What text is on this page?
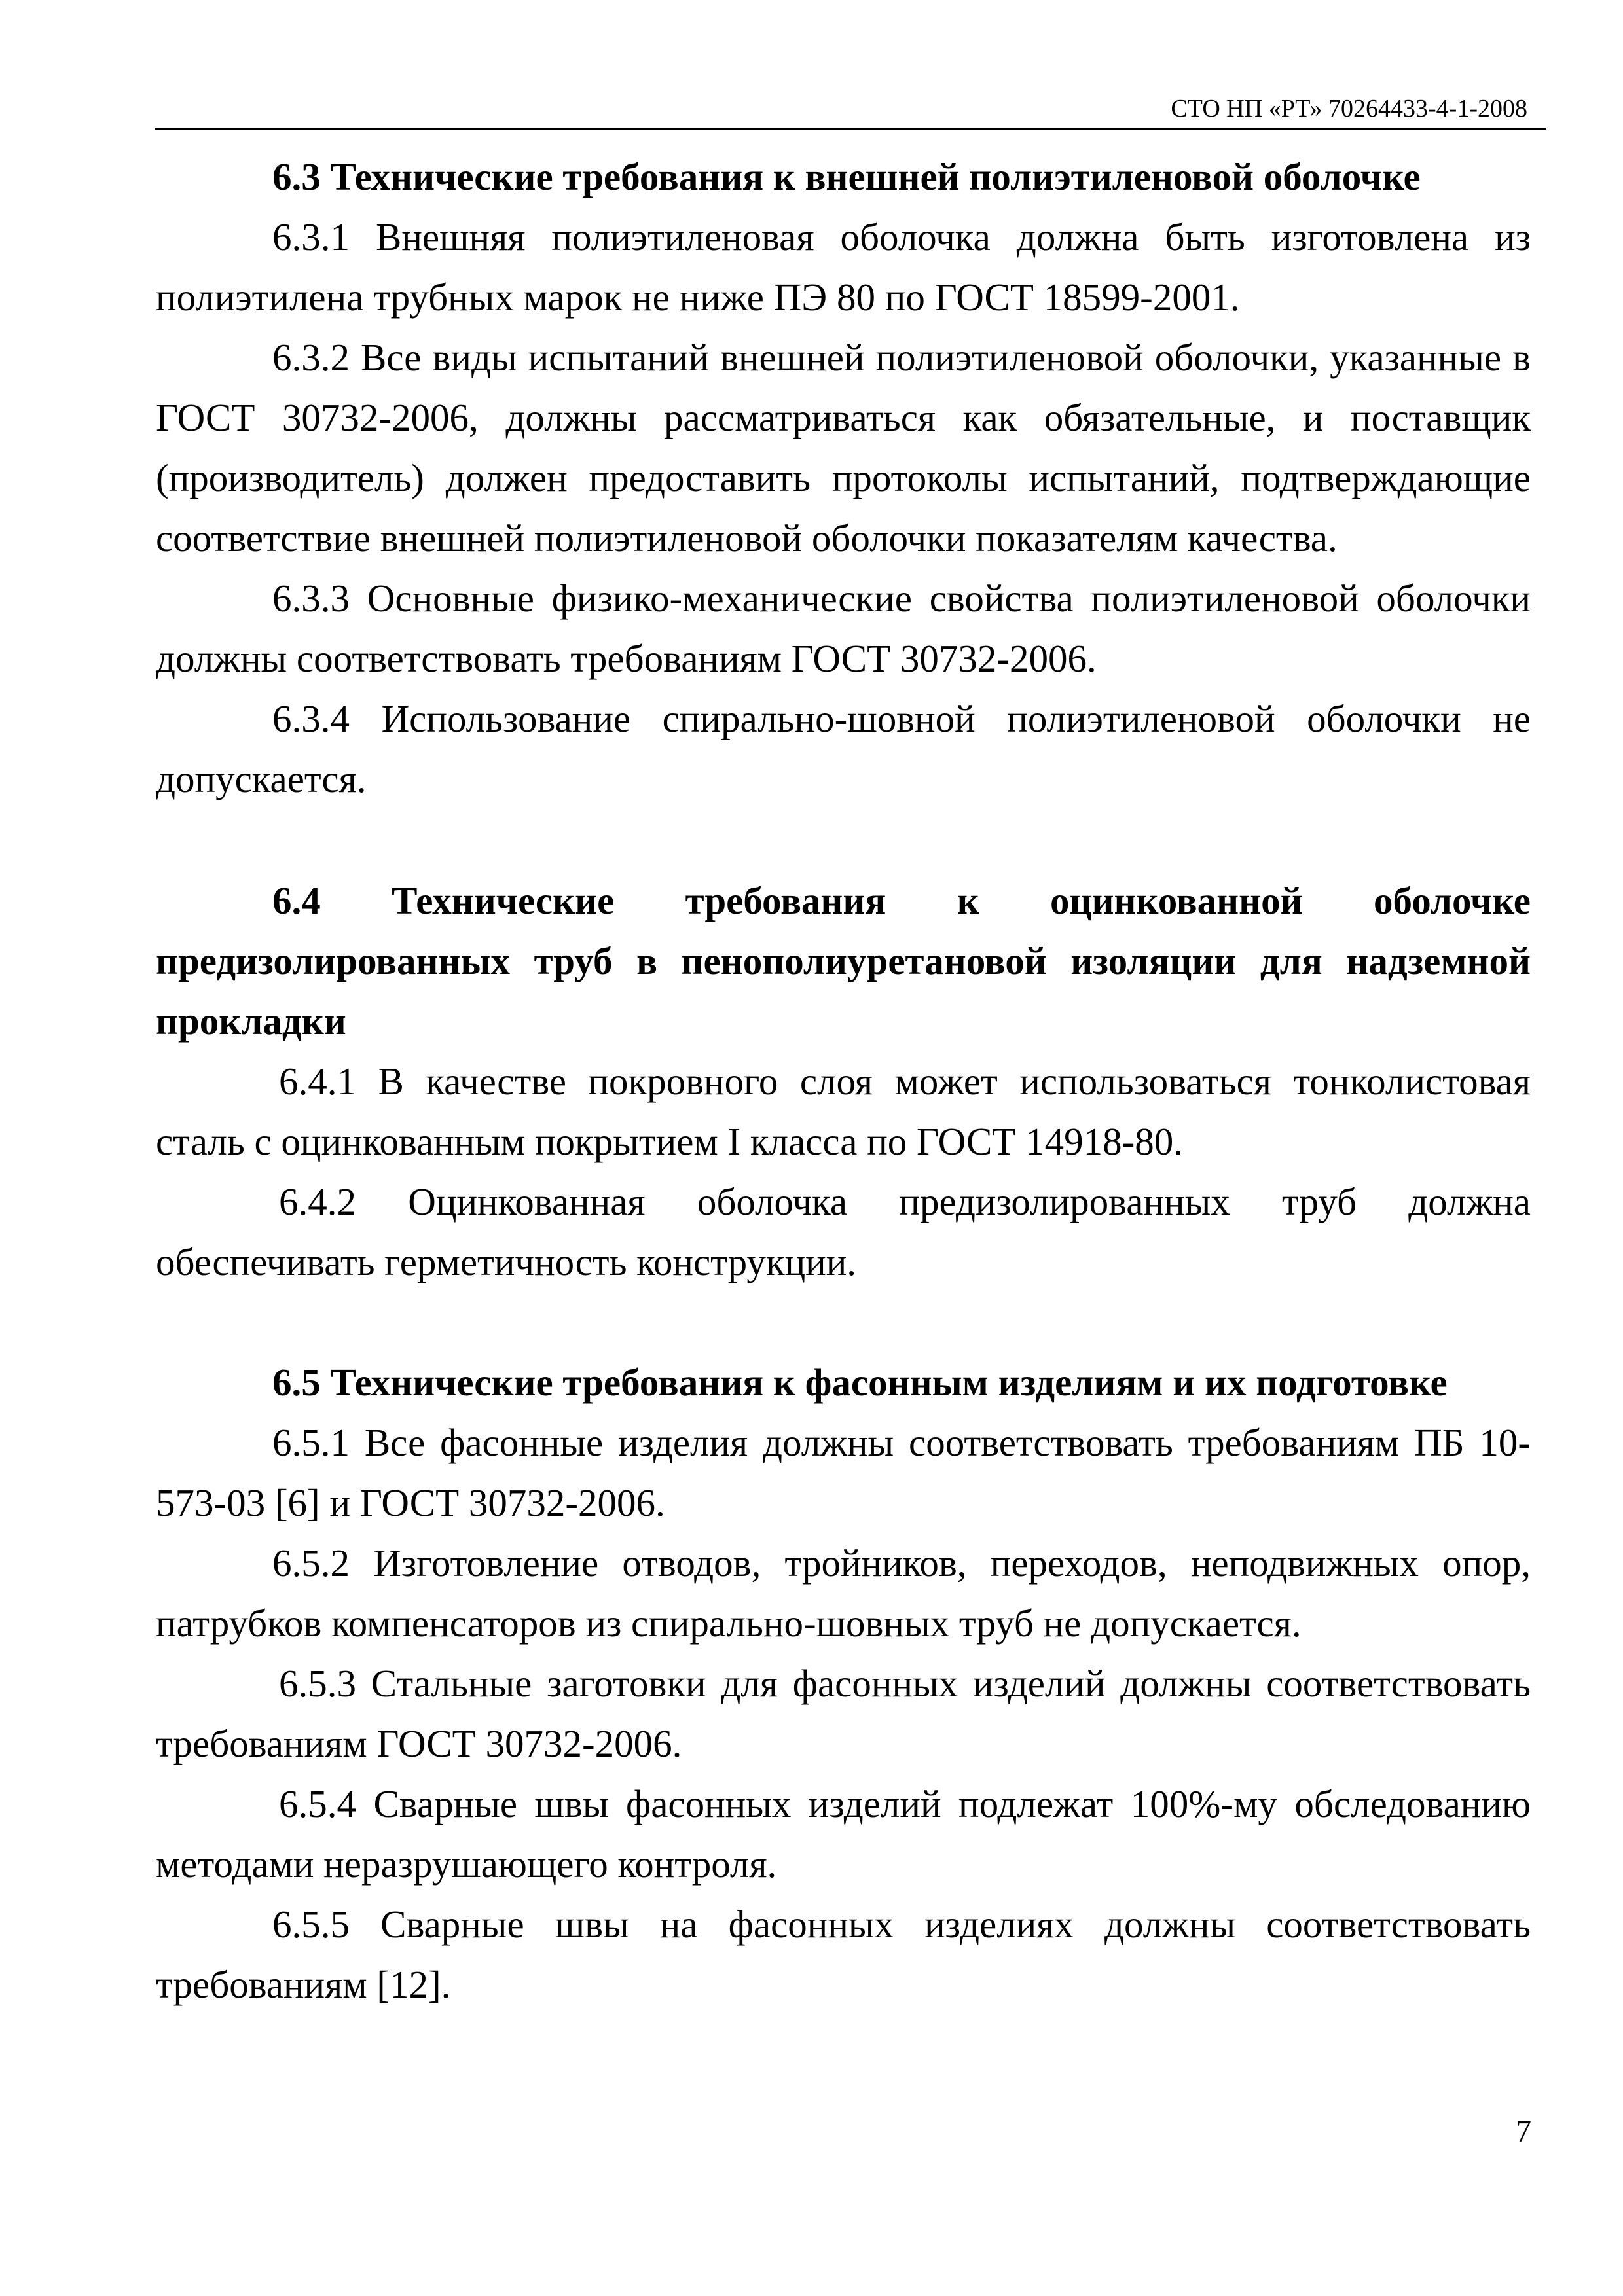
СТО НП «РТ» 70264433-4-1-2008

6.3 Технические требования к внешней полиэтиленовой оболочке

6.3.1 Внешняя полиэтиленовая оболочка должна быть изготовлена из полиэтилена трубных марок не ниже ПЭ 80 по ГОСТ 18599-2001.

6.3.2 Все виды испытаний внешней полиэтиленовой оболочки, указанные в ГОСТ 30732-2006, должны рассматриваться как обязательные, и поставщик (производитель) должен предоставить протоколы испытаний, подтверждающие соответствие внешней полиэтиленовой оболочки показателям качества.

6.3.3 Основные физико-механические свойства полиэтиленовой оболочки должны соответствовать требованиям ГОСТ 30732-2006.

6.3.4 Использование спирально-шовной полиэтиленовой оболочки не допускается.

6.4 Технические требования к оцинкованной оболочке предизолированных труб в пенополиуретановой изоляции для надземной прокладки

6.4.1 В качестве покровного слоя может использоваться тонколистовая сталь с оцинкованным покрытием I класса по ГОСТ 14918-80.

6.4.2 Оцинкованная оболочка предизолированных труб должна обеспечивать герметичность конструкции.

6.5 Технические требования к фасонным изделиям и их подготовке

6.5.1 Все фасонные изделия должны соответствовать требованиям ПБ 10-573-03 [6] и ГОСТ 30732-2006.

6.5.2 Изготовление отводов, тройников, переходов, неподвижных опор, патрубков компенсаторов из спирально-шовных труб не допускается.

6.5.3 Стальные заготовки для фасонных изделий должны соответствовать требованиям ГОСТ 30732-2006.

6.5.4 Сварные швы фасонных изделий подлежат 100%-му обследованию методами неразрушающего контроля.

6.5.5 Сварные швы на фасонных изделиях должны соответствовать требованиям [12].

7
